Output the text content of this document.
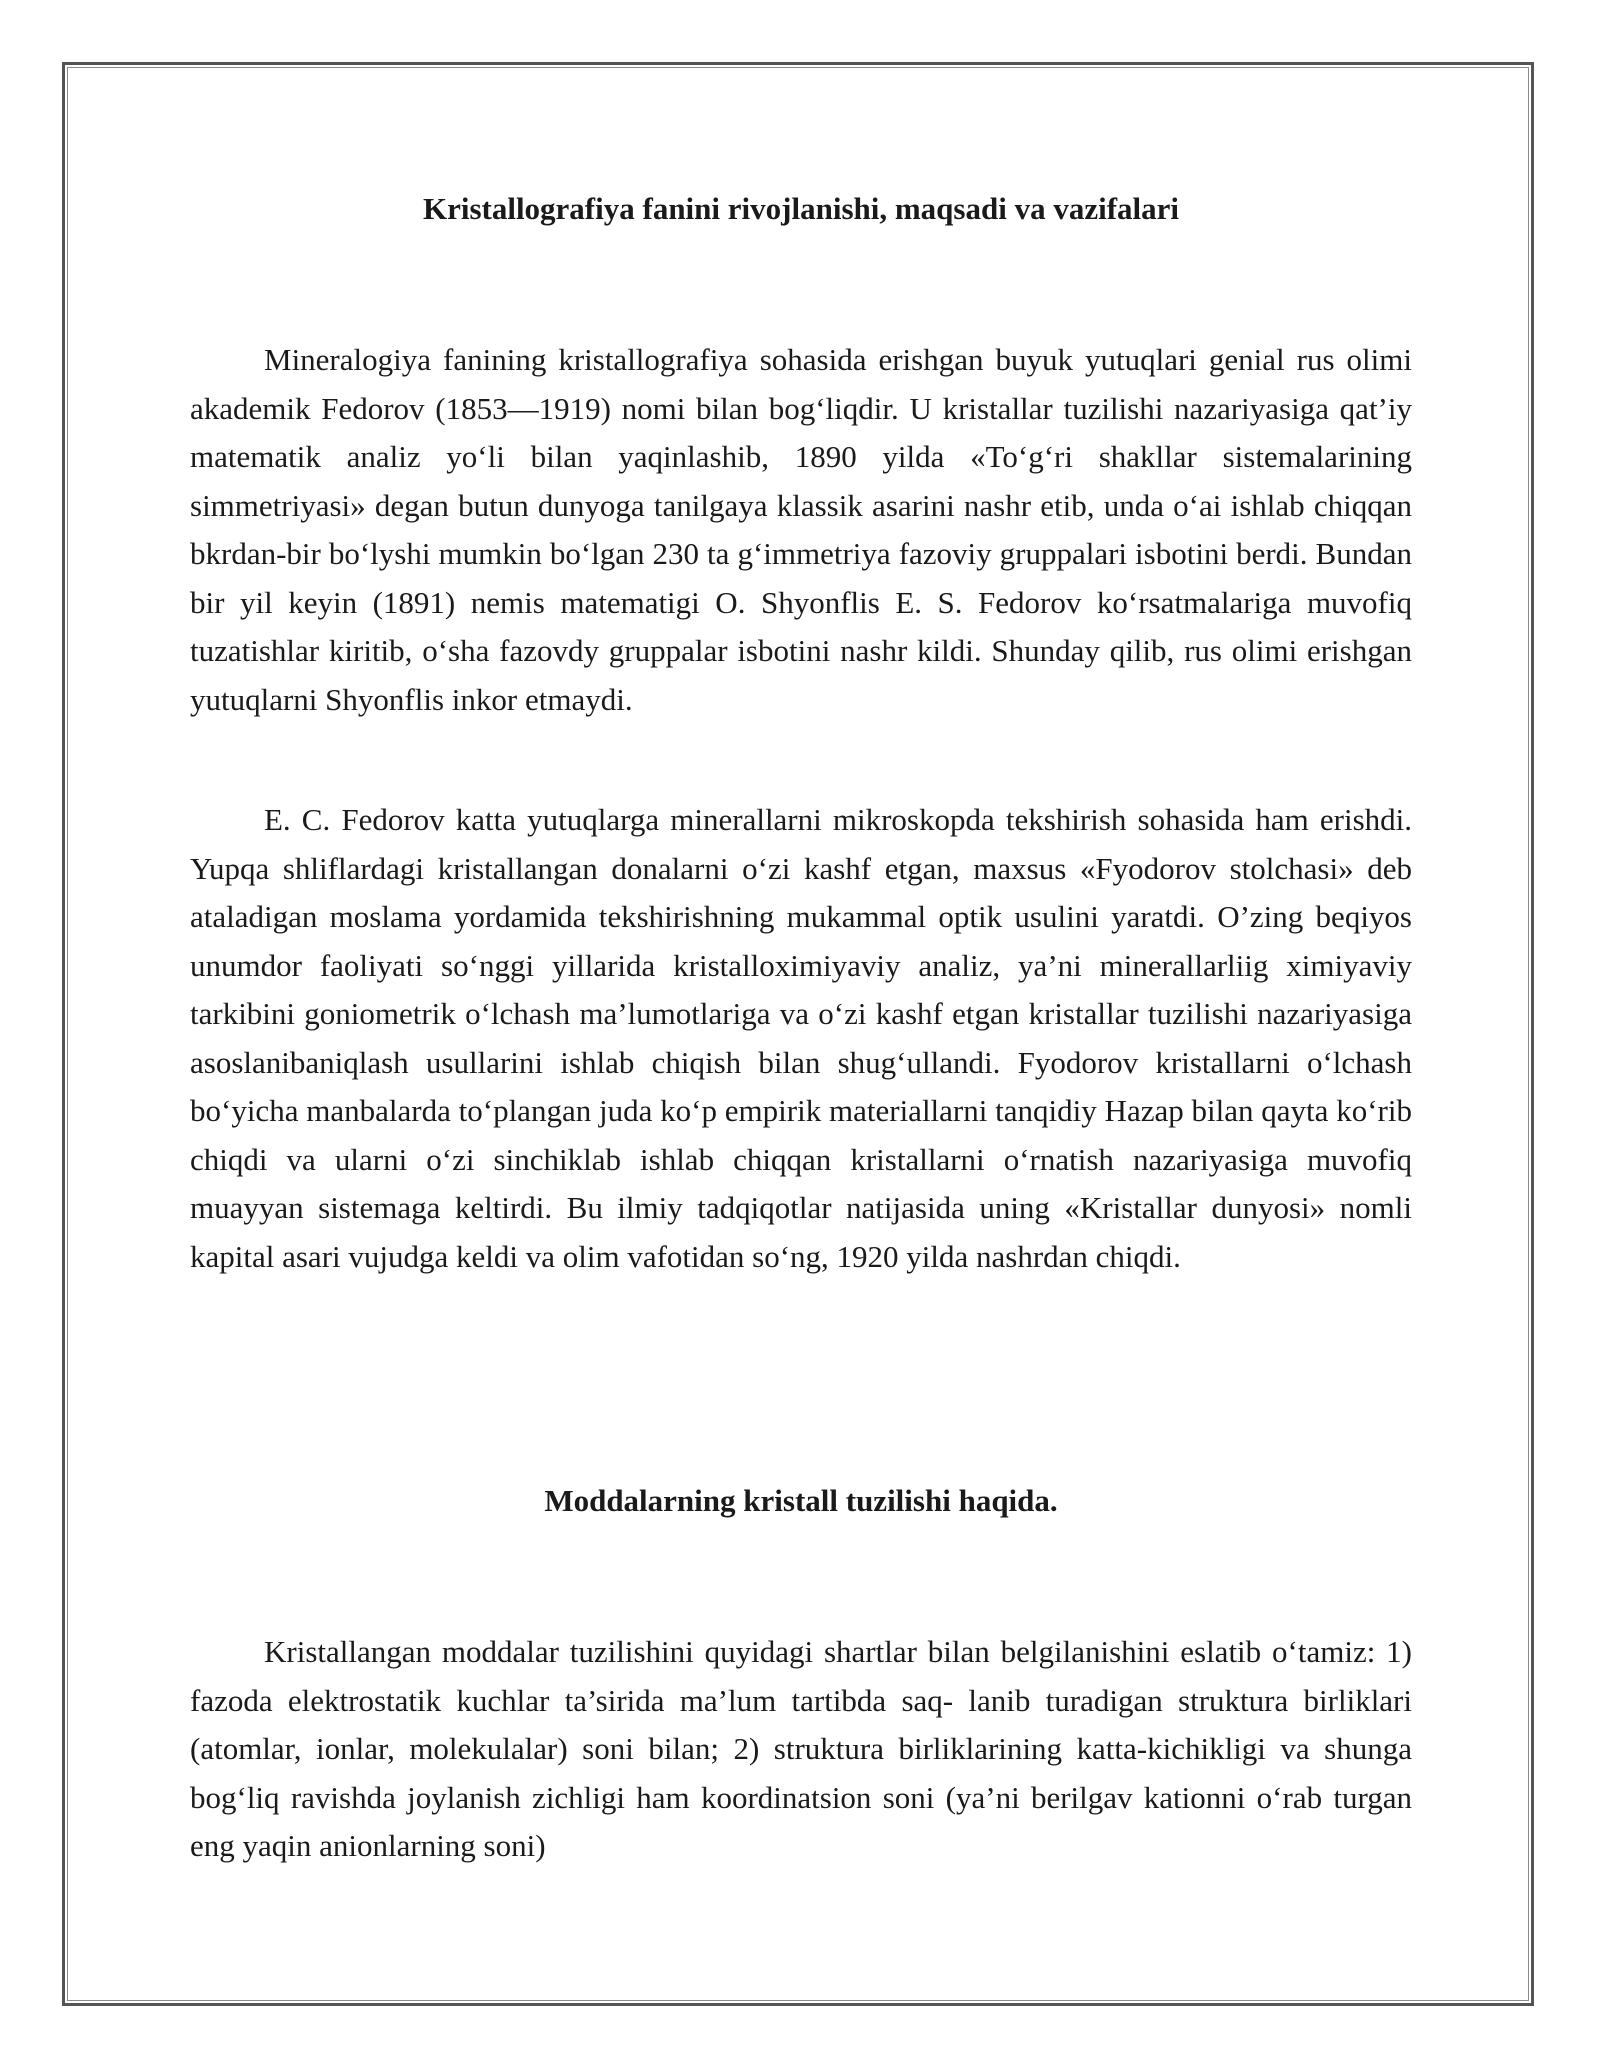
Kristallografiya fanini rivojlanishi, maqsadi va vazifalari

Mineralogiya fanining kristallografiya sohasida erishgan buyuk yutuqlari genial rus olimi akademik Fedorov (1853—1919) nomi bilan bog‘liqdir. U kristallar tuzilishi nazariyasiga qat’iy matematik analiz yo‘li bilan yaqinlashib, 1890 yilda «To‘g‘ri shakllar sistemalarining simmetriyasi» degan butun dunyoga tanilgaya klassik asarini nashr etib, unda o‘ai ishlab chiqqan bkrdan-bir bo‘lyshi mumkin bo‘lgan 230 ta g‘immetriya fazoviy gruppalari isbotini berdi. Bundan bir yil keyin (1891) nemis matematigi O. Shyonflis E. S. Fedorov ko‘rsatmalariga muvofiq tuzatishlar kiritib, o‘sha fazovdy gruppalar isbotini nashr kildi. Shunday qilib, rus olimi erishgan yutuqlarni Shyonflis inkor etmaydi.

E. C. Fedorov katta yutuqlarga minerallarni mikroskopda tekshirish sohasida ham erishdi. Yupqa shliflardagi kristallangan donalarni o‘zi kashf etgan, maxsus «Fyodorov stolchasi» deb ataladigan moslama yordamida tekshirishning mukammal optik usulini yaratdi. O’zing beqiyos unumdor faoliyati so‘nggi yillarida kristalloximiyaviy analiz, ya’ni minerallarliig ximiyaviy tarkibini goniometrik o‘lchash ma’lumotlariga va o‘zi kashf etgan kristallar tuzilishi nazariyasiga asoslanibaniqlash usullarini ishlab chiqish bilan shug‘ullandi. Fyodorov kristallarni o‘lchash bo‘yicha manbalarda to‘plangan juda ko‘p empirik materiallarni tanqidiy Hazap bilan qayta ko‘rib chiqdi va ularni o‘zi sinchiklab ishlab chiqqan kristallarni o‘rnatish nazariyasiga muvofiq muayyan sistemaga keltirdi. Bu ilmiy tadqiqotlar natijasida uning «Kristallar dunyosi» nomli kapital asari vujudga keldi va olim vafotidan so‘ng, 1920 yilda nashrdan chiqdi.

Moddalarning kristall tuzilishi haqida.

Kristallangan moddalar tuzilishini quyidagi shartlar bilan belgilanishini eslatib o‘tamiz: 1) fazoda elektrostatik kuchlar ta’sirida ma’lum tartibda saq- lanib turadigan struktura birliklari (atomlar, ionlar, molekulalar) soni bilan; 2) struktura birliklarining katta-kichikligi va shunga bog‘liq ravishda joylanish zichligi ham koordinatsion soni (ya’ni berilgav kationni o‘rab turgan eng yaqin anionlarning soni)
